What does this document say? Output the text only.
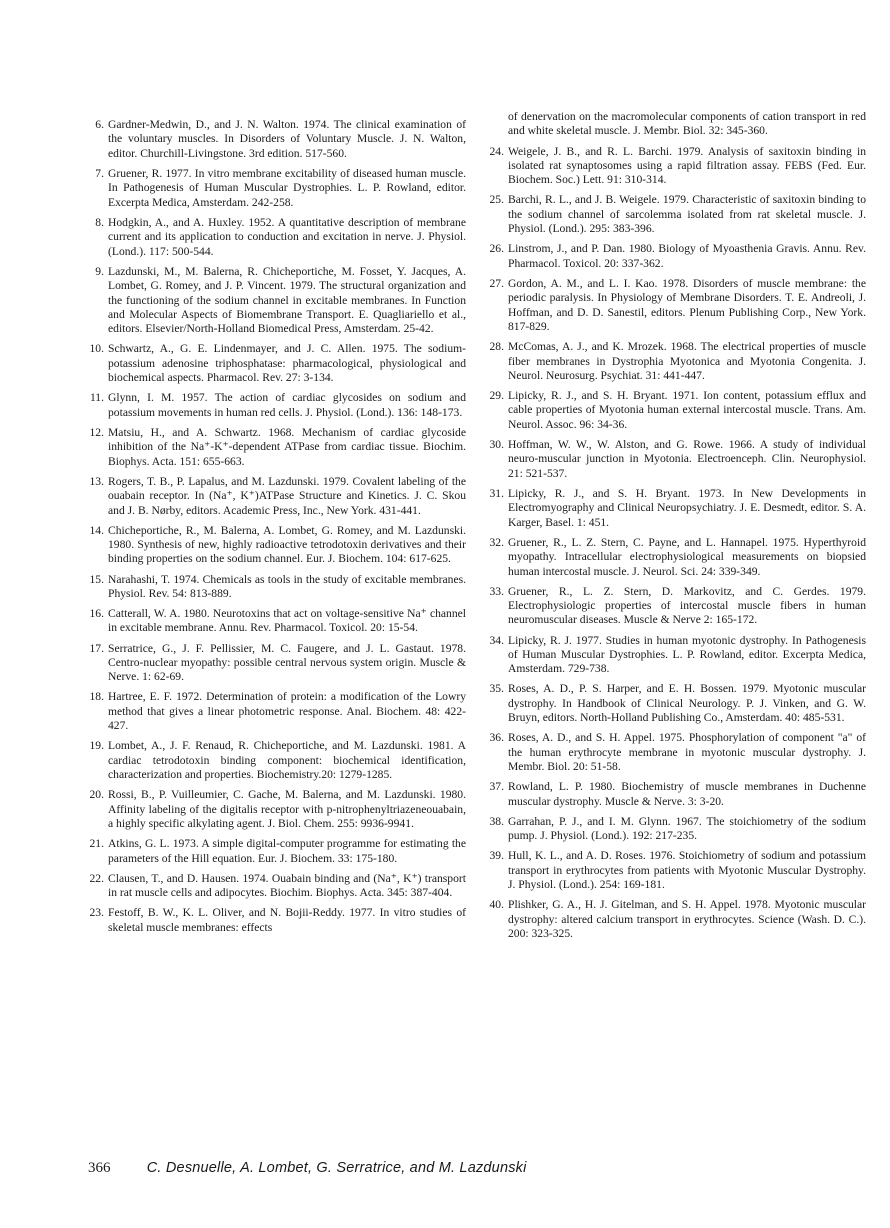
6. Gardner-Medwin, D., and J. N. Walton. 1974. The clinical examination of the voluntary muscles. In Disorders of Voluntary Muscle. J. N. Walton, editor. Churchill-Livingstone. 3rd edition. 517-560.

7. Gruener, R. 1977. In vitro membrane excitability of diseased human muscle. In Pathogenesis of Human Muscular Dystrophies. L. P. Rowland, editor. Excerpta Medica, Amsterdam. 242-258.

8. Hodgkin, A., and A. Huxley. 1952. A quantitative description of membrane current and its application to conduction and excitation in nerve. J. Physiol. (Lond.). 117: 500-544.

9. Lazdunski, M., M. Balerna, R. Chicheportiche, M. Fosset, Y. Jacques, A. Lombet, G. Romey, and J. P. Vincent. 1979. The structural organization and the functioning of the sodium channel in excitable membranes. In Function and Molecular Aspects of Biomembrane Transport. E. Quagliariello et al., editors. Elsevier/North-Holland Biomedical Press, Amsterdam. 25-42.

10. Schwartz, A., G. E. Lindenmayer, and J. C. Allen. 1975. The sodium-potassium adenosine triphosphatase: pharmacological, physiological and biochemical aspects. Pharmacol. Rev. 27: 3-134.

11. Glynn, I. M. 1957. The action of cardiac glycosides on sodium and potassium movements in human red cells. J. Physiol. (Lond.). 136: 148-173.

12. Matsiu, H., and A. Schwartz. 1968. Mechanism of cardiac glycoside inhibition of the Na⁺-K⁺-dependent ATPase from cardiac tissue. Biochim. Biophys. Acta. 151: 655-663.

13. Rogers, T. B., P. Lapalus, and M. Lazdunski. 1979. Covalent labeling of the ouabain receptor. In (Na⁺, K⁺)ATPase Structure and Kinetics. J. C. Skou and J. B. Nørby, editors. Academic Press, Inc., New York. 431-441.

14. Chicheportiche, R., M. Balerna, A. Lombet, G. Romey, and M. Lazdunski. 1980. Synthesis of new, highly radioactive tetrodotoxin derivatives and their binding properties on the sodium channel. Eur. J. Biochem. 104: 617-625.

15. Narahashi, T. 1974. Chemicals as tools in the study of excitable membranes. Physiol. Rev. 54: 813-889.

16. Catterall, W. A. 1980. Neurotoxins that act on voltage-sensitive Na⁺ channel in excitable membrane. Annu. Rev. Pharmacol. Toxicol. 20: 15-54.

17. Serratrice, G., J. F. Pellissier, M. C. Faugere, and J. L. Gastaut. 1978. Centro-nuclear myopathy: possible central nervous system origin. Muscle & Nerve. 1: 62-69.

18. Hartree, E. F. 1972. Determination of protein: a modification of the Lowry method that gives a linear photometric response. Anal. Biochem. 48: 422-427.

19. Lombet, A., J. F. Renaud, R. Chicheportiche, and M. Lazdunski. 1981. A cardiac tetrodotoxin binding component: biochemical identification, characterization and properties. Biochemistry.20: 1279-1285.

20. Rossi, B., P. Vuilleumier, C. Gache, M. Balerna, and M. Lazdunski. 1980. Affinity labeling of the digitalis receptor with p-nitrophenyltriazeneouabain, a highly specific alkylating agent. J. Biol. Chem. 255: 9936-9941.

21. Atkins, G. L. 1973. A simple digital-computer programme for estimating the parameters of the Hill equation. Eur. J. Biochem. 33: 175-180.

22. Clausen, T., and D. Hausen. 1974. Ouabain binding and (Na⁺, K⁺) transport in rat muscle cells and adipocytes. Biochim. Biophys. Acta. 345: 387-404.

23. Festoff, B. W., K. L. Oliver, and N. Bojii-Reddy. 1977. In vitro studies of skeletal muscle membranes: effects

of denervation on the macromolecular components of cation transport in red and white skeletal muscle. J. Membr. Biol. 32: 345-360.

24. Weigele, J. B., and R. L. Barchi. 1979. Analysis of saxitoxin binding in isolated rat synaptosomes using a rapid filtration assay. FEBS (Fed. Eur. Biochem. Soc.) Lett. 91: 310-314.

25. Barchi, R. L., and J. B. Weigele. 1979. Characteristic of saxitoxin binding to the sodium channel of sarcolemma isolated from rat skeletal muscle. J. Physiol. (Lond.). 295: 383-396.

26. Linstrom, J., and P. Dan. 1980. Biology of Myoasthenia Gravis. Annu. Rev. Pharmacol. Toxicol. 20: 337-362.

27. Gordon, A. M., and L. I. Kao. 1978. Disorders of muscle membrane: the periodic paralysis. In Physiology of Membrane Disorders. T. E. Andreoli, J. Hoffman, and D. D. Sanestil, editors. Plenum Publishing Corp., New York. 817-829.

28. McComas, A. J., and K. Mrozek. 1968. The electrical properties of muscle fiber membranes in Dystrophia Myotonica and Myotonia Congenita. J. Neurol. Neurosurg. Psychiat. 31: 441-447.

29. Lipicky, R. J., and S. H. Bryant. 1971. Ion content, potassium efflux and cable properties of Myotonia human external intercostal muscle. Trans. Am. Neurol. Assoc. 96: 34-36.

30. Hoffman, W. W., W. Alston, and G. Rowe. 1966. A study of individual neuro-muscular junction in Myotonia. Electroenceph. Clin. Neurophysiol. 21: 521-537.

31. Lipicky, R. J., and S. H. Bryant. 1973. In New Developments in Electromyography and Clinical Neuropsychiatry. J. E. Desmedt, editor. S. A. Karger, Basel. 1: 451.

32. Gruener, R., L. Z. Stern, C. Payne, and L. Hannapel. 1975. Hyperthyroid myopathy. Intracellular electrophysiological measurements on biopsied human intercostal muscle. J. Neurol. Sci. 24: 339-349.

33. Gruener, R., L. Z. Stern, D. Markovitz, and C. Gerdes. 1979. Electrophysiologic properties of intercostal muscle fibers in human neuromuscular diseases. Muscle & Nerve 2: 165-172.

34. Lipicky, R. J. 1977. Studies in human myotonic dystrophy. In Pathogenesis of Human Muscular Dystrophies. L. P. Rowland, editor. Excerpta Medica, Amsterdam. 729-738.

35. Roses, A. D., P. S. Harper, and E. H. Bossen. 1979. Myotonic muscular dystrophy. In Handbook of Clinical Neurology. P. J. Vinken, and G. W. Bruyn, editors. North-Holland Publishing Co., Amsterdam. 40: 485-531.

36. Roses, A. D., and S. H. Appel. 1975. Phosphorylation of component "a" of the human erythrocyte membrane in myotonic muscular dystrophy. J. Membr. Biol. 20: 51-58.

37. Rowland, L. P. 1980. Biochemistry of muscle membranes in Duchenne muscular dystrophy. Muscle & Nerve. 3: 3-20.

38. Garrahan, P. J., and I. M. Glynn. 1967. The stoichiometry of the sodium pump. J. Physiol. (Lond.). 192: 217-235.

39. Hull, K. L., and A. D. Roses. 1976. Stoichiometry of sodium and potassium transport in erythrocytes from patients with Myotonic Muscular Dystrophy. J. Physiol. (Lond.). 254: 169-181.

40. Plishker, G. A., H. J. Gitelman, and S. H. Appel. 1978. Myotonic muscular dystrophy: altered calcium transport in erythrocytes. Science (Wash. D. C.). 200: 323-325.

366	C. Desnuelle, A. Lombet, G. Serratrice, and M. Lazdunski
